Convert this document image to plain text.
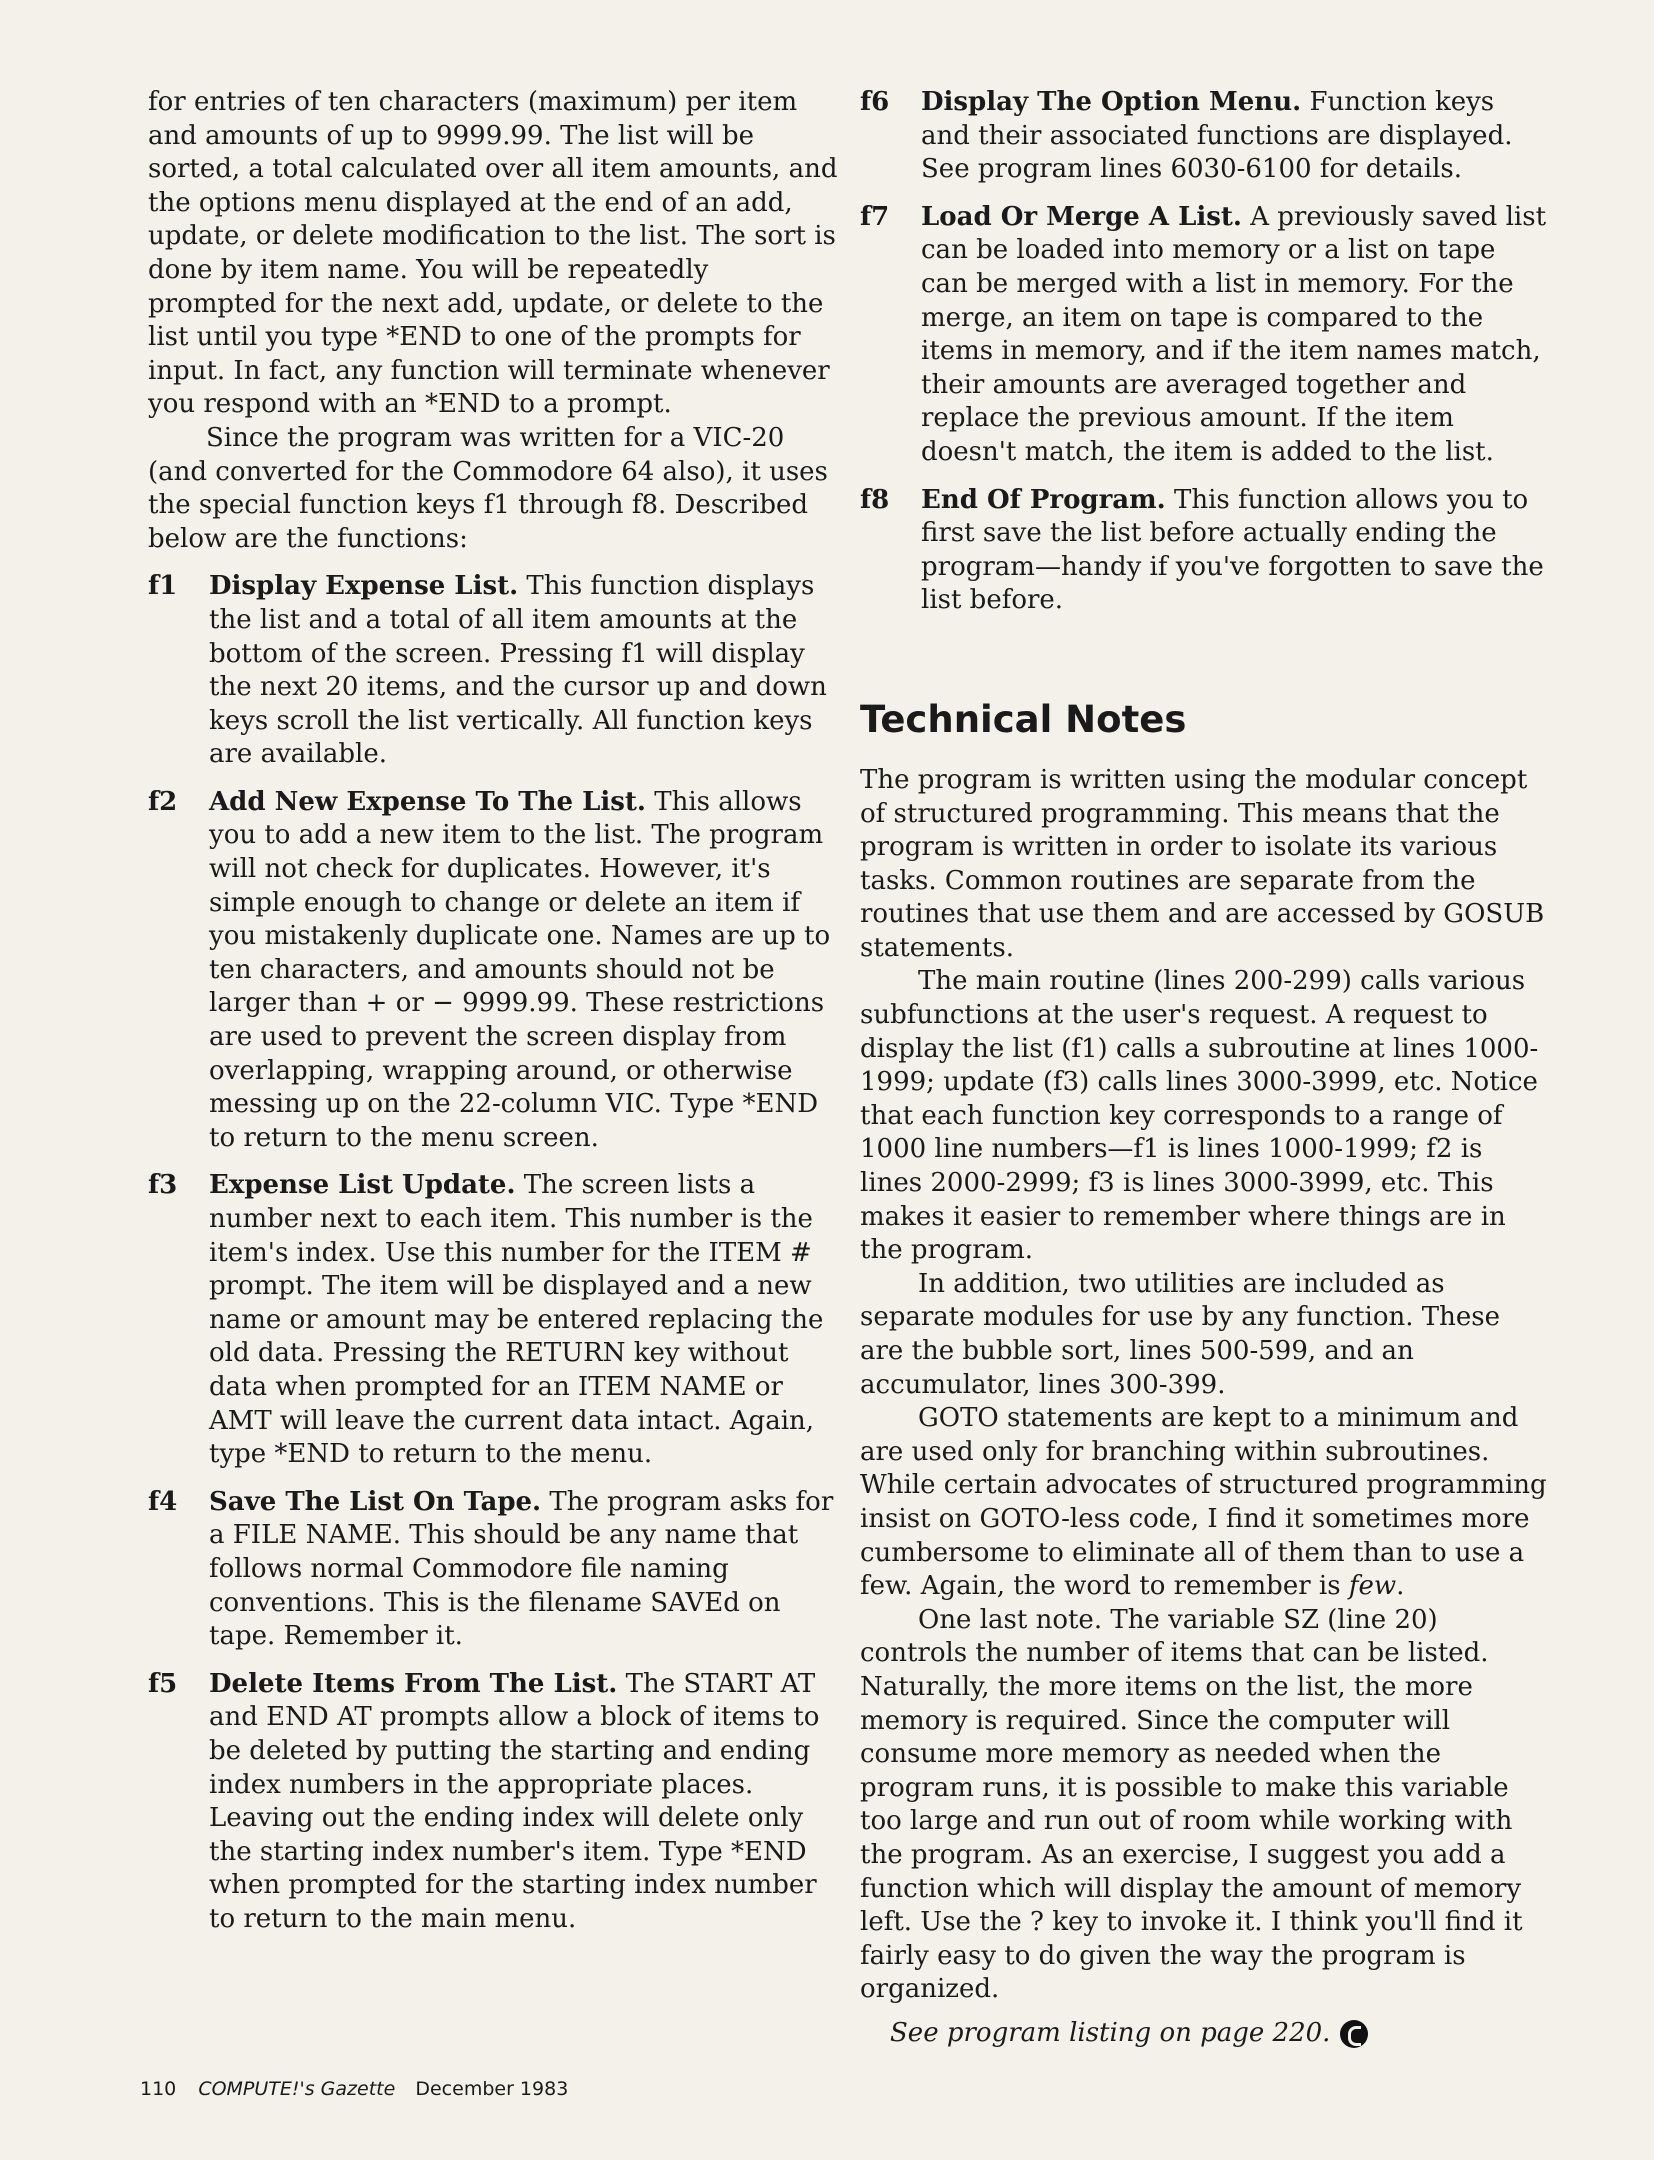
for entries of ten characters (maximum) per item and amounts of up to 9999.99. The list will be sorted, a total calculated over all item amounts, and the options menu displayed at the end of an add, update, or delete modification to the list. The sort is done by item name. You will be repeatedly prompted for the next add, update, or delete to the list until you type *END to one of the prompts for input. In fact, any function will terminate whenever you respond with an *END to a prompt.

Since the program was written for a VIC-20 (and converted for the Commodore 64 also), it uses the special function keys f1 through f8. Described below are the functions:

f1	Display Expense List. This function displays the list and a total of all item amounts at the bottom of the screen. Pressing f1 will display the next 20 items, and the cursor up and down keys scroll the list vertically. All function keys are available.
f2	Add New Expense To The List. This allows you to add a new item to the list. The program will not check for duplicates. However, it's simple enough to change or delete an item if you mistakenly duplicate one. Names are up to ten characters, and amounts should not be larger than + or − 9999.99. These restrictions are used to prevent the screen display from overlapping, wrapping around, or otherwise messing up on the 22-column VIC. Type *END to return to the menu screen.
f3	Expense List Update. The screen lists a number next to each item. This number is the item's index. Use this number for the ITEM # prompt. The item will be displayed and a new name or amount may be entered replacing the old data. Pressing the RETURN key without data when prompted for an ITEM NAME or AMT will leave the current data intact. Again, type *END to return to the menu.
f4	Save The List On Tape. The program asks for a FILE NAME. This should be any name that follows normal Commodore file naming conventions. This is the filename SAVEd on tape. Remember it.
f5	Delete Items From The List. The START AT and END AT prompts allow a block of items to be deleted by putting the starting and ending index numbers in the appropriate places. Leaving out the ending index will delete only the starting index number's item. Type *END when prompted for the starting index number to return to the main menu.
f6	Display The Option Menu. Function keys and their associated functions are displayed. See program lines 6030-6100 for details.
f7	Load Or Merge A List. A previously saved list can be loaded into memory or a list on tape can be merged with a list in memory. For the merge, an item on tape is compared to the items in memory, and if the item names match, their amounts are averaged together and replace the previous amount. If the item doesn't match, the item is added to the list.
f8	End Of Program. This function allows you to first save the list before actually ending the program—handy if you've forgotten to save the list before.
Technical Notes

The program is written using the modular concept of structured programming. This means that the program is written in order to isolate its various tasks. Common routines are separate from the routines that use them and are accessed by GOSUB statements.

The main routine (lines 200-299) calls various subfunctions at the user's request. A request to display the list (f1) calls a subroutine at lines 1000-1999; update (f3) calls lines 3000-3999, etc. Notice that each function key corresponds to a range of 1000 line numbers—f1 is lines 1000-1999; f2 is lines 2000-2999; f3 is lines 3000-3999, etc. This makes it easier to remember where things are in the program.

In addition, two utilities are included as separate modules for use by any function. These are the bubble sort, lines 500-599, and an accumulator, lines 300-399.

GOTO statements are kept to a minimum and are used only for branching within subroutines. While certain advocates of structured programming insist on GOTO-less code, I find it sometimes more cumbersome to eliminate all of them than to use a few. Again, the word to remember is few.

One last note. The variable SZ (line 20) controls the number of items that can be listed. Naturally, the more items on the list, the more memory is required. Since the computer will consume more memory as needed when the program runs, it is possible to make this variable too large and run out of room while working with the program. As an exercise, I suggest you add a function which will display the amount of memory left. Use the ? key to invoke it. I think you'll find it fairly easy to do given the way the program is organized.

See program listing on page 220.
110 COMPUTE!'s Gazette December 1983
